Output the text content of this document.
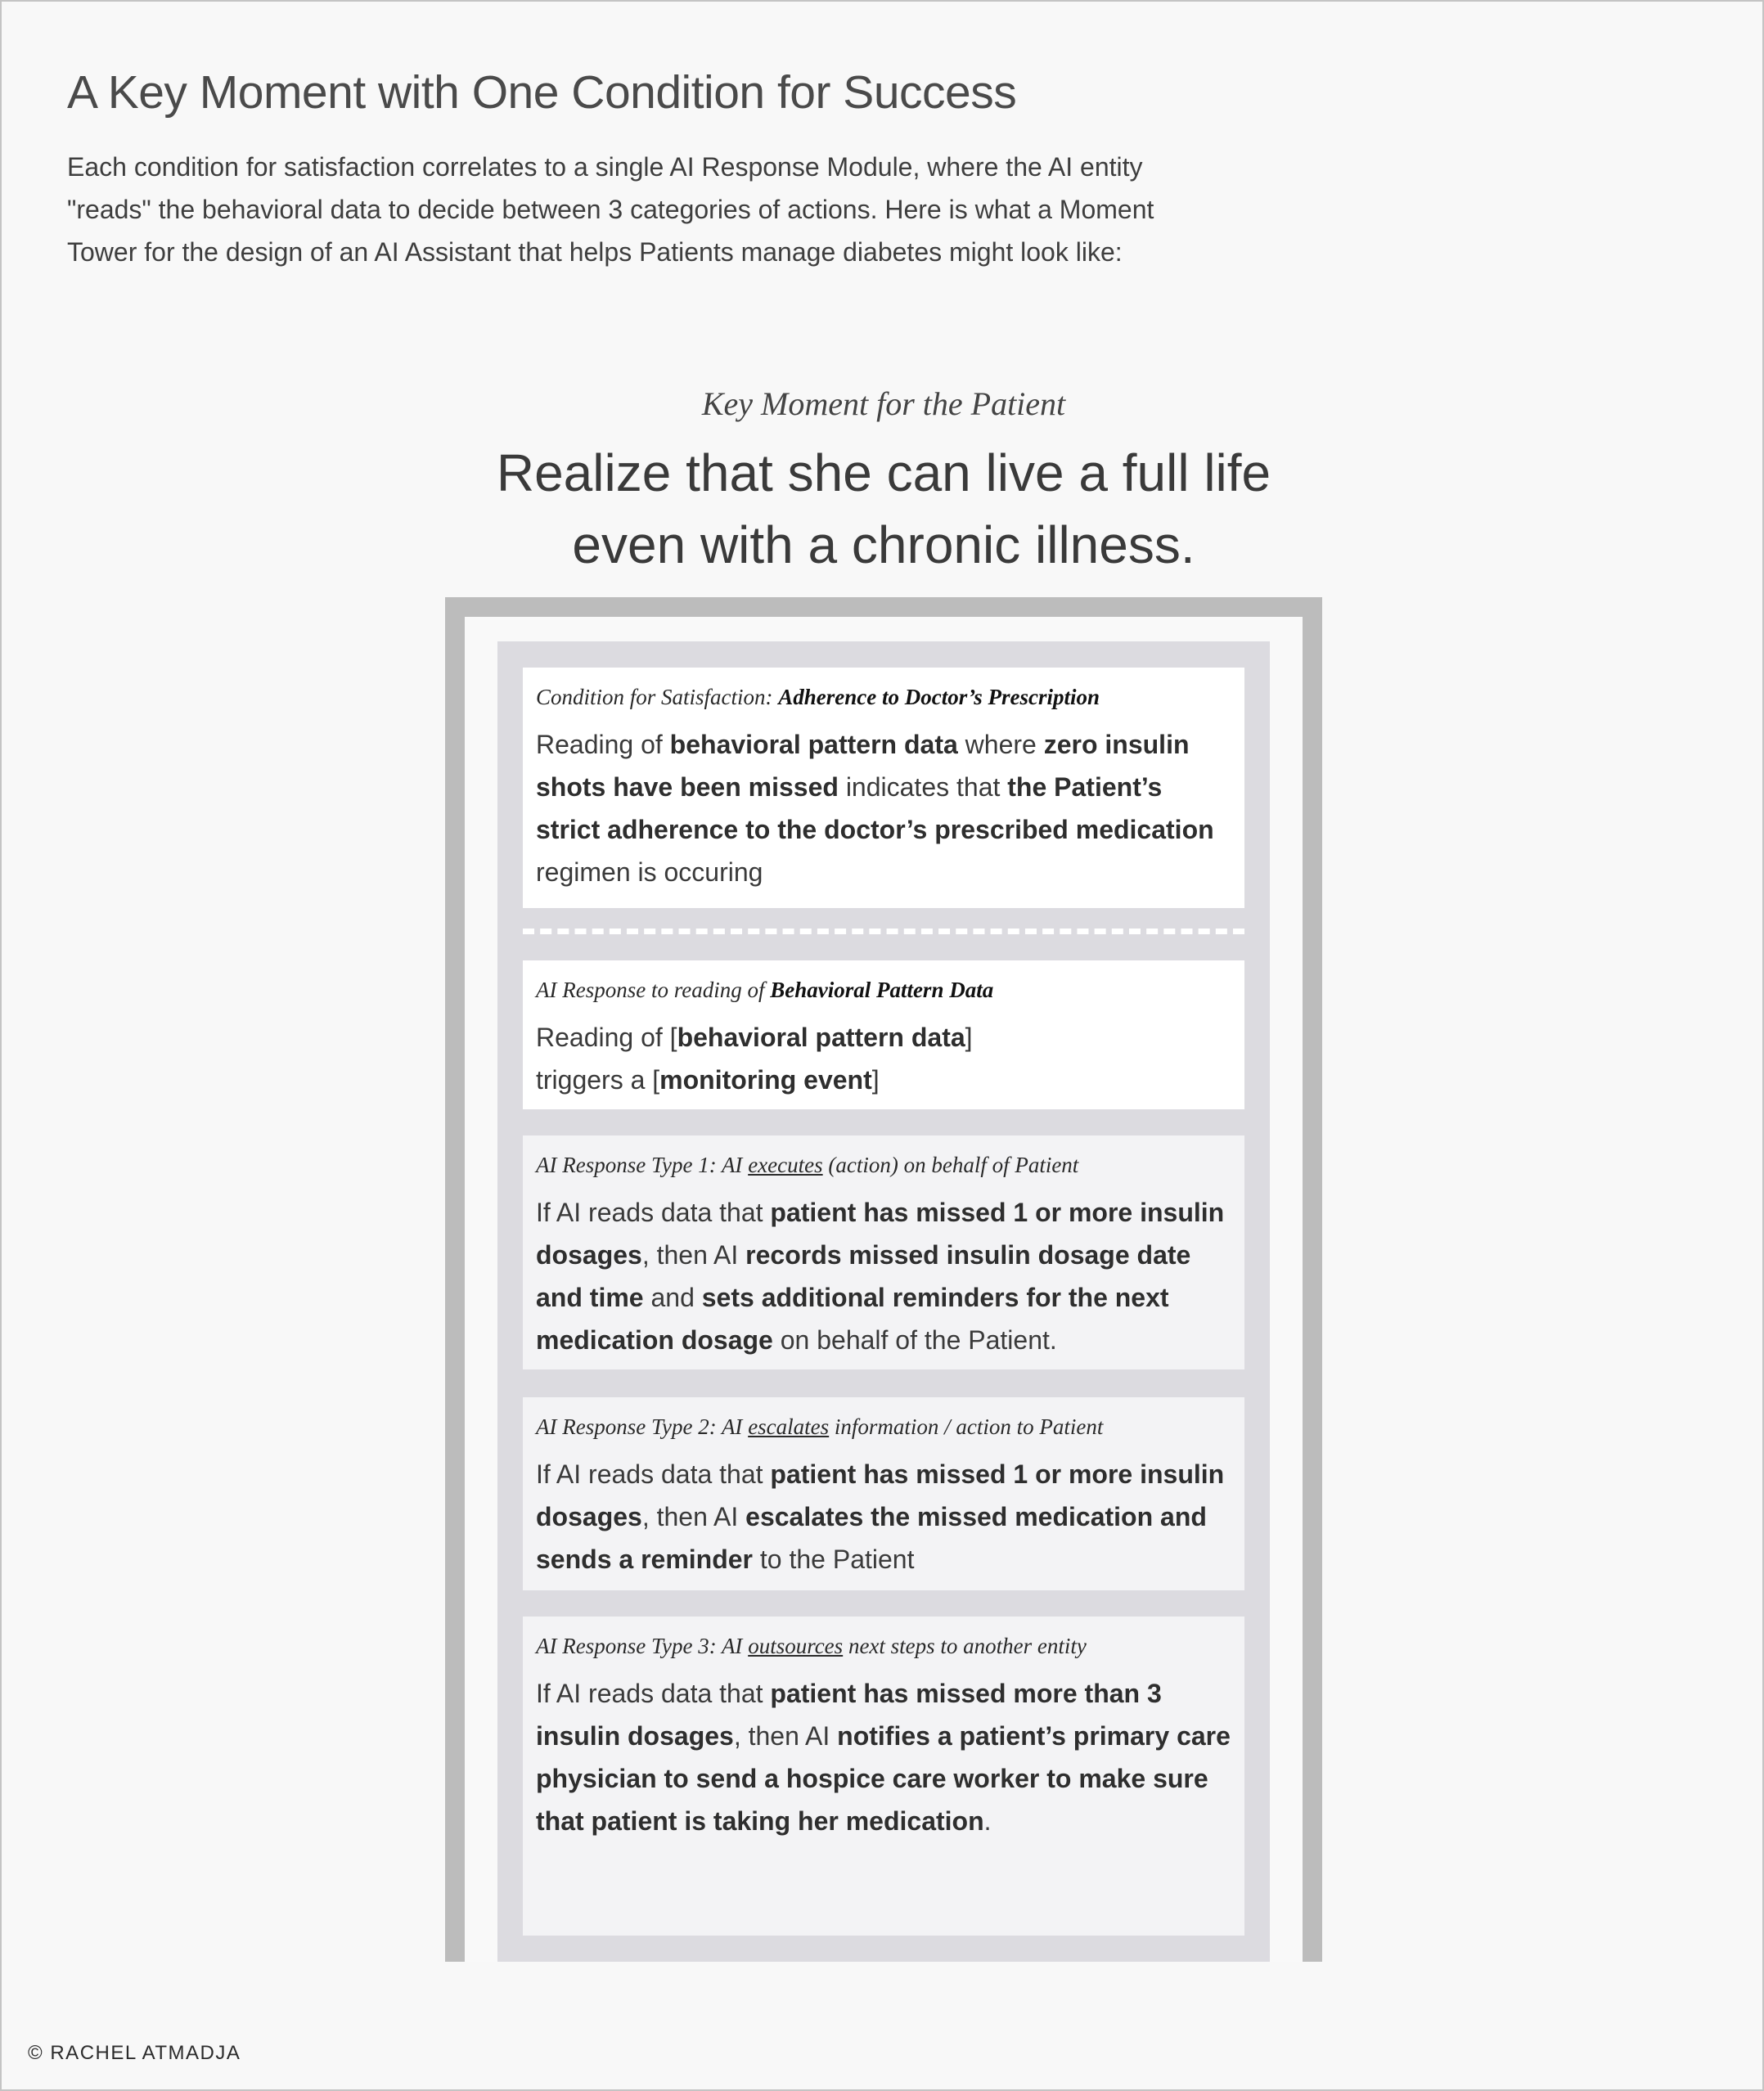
A Key Moment with One Condition for Success

Each condition for satisfaction correlates to a single AI Response Module, where the AI entity "reads" the behavioral data to decide between 3 categories of actions. Here is what a Moment Tower for the design of an AI Assistant that helps Patients manage diabetes might look like:

Key Moment for the Patient
Realize that she can live a full life
even with a chronic illness.
Condition for Satisfaction: Adherence to Doctor’s Prescription
Reading of behavioral pattern data where zero insulin shots have been missed indicates that the Patient’s strict adherence to the doctor’s prescribed medication regimen is occuring
AI Response to reading of Behavioral Pattern Data
Reading of [behavioral pattern data]
triggers a [monitoring event]
AI Response Type 1: AI executes (action) on behalf of Patient
If AI reads data that patient has missed 1 or more insulin dosages, then AI records missed insulin dosage date and time and sets additional reminders for the next medication dosage on behalf of the Patient.
AI Response Type 2: AI escalates information / action to Patient
If AI reads data that patient has missed 1 or more insulin dosages, then AI escalates the missed medication and sends a reminder to the Patient
AI Response Type 3: AI outsources next steps to another entity
If AI reads data that patient has missed more than 3 insulin dosages, then AI notifies a patient’s primary care physician to send a hospice care worker to make sure that patient is taking her medication.
© RACHEL ATMADJA
